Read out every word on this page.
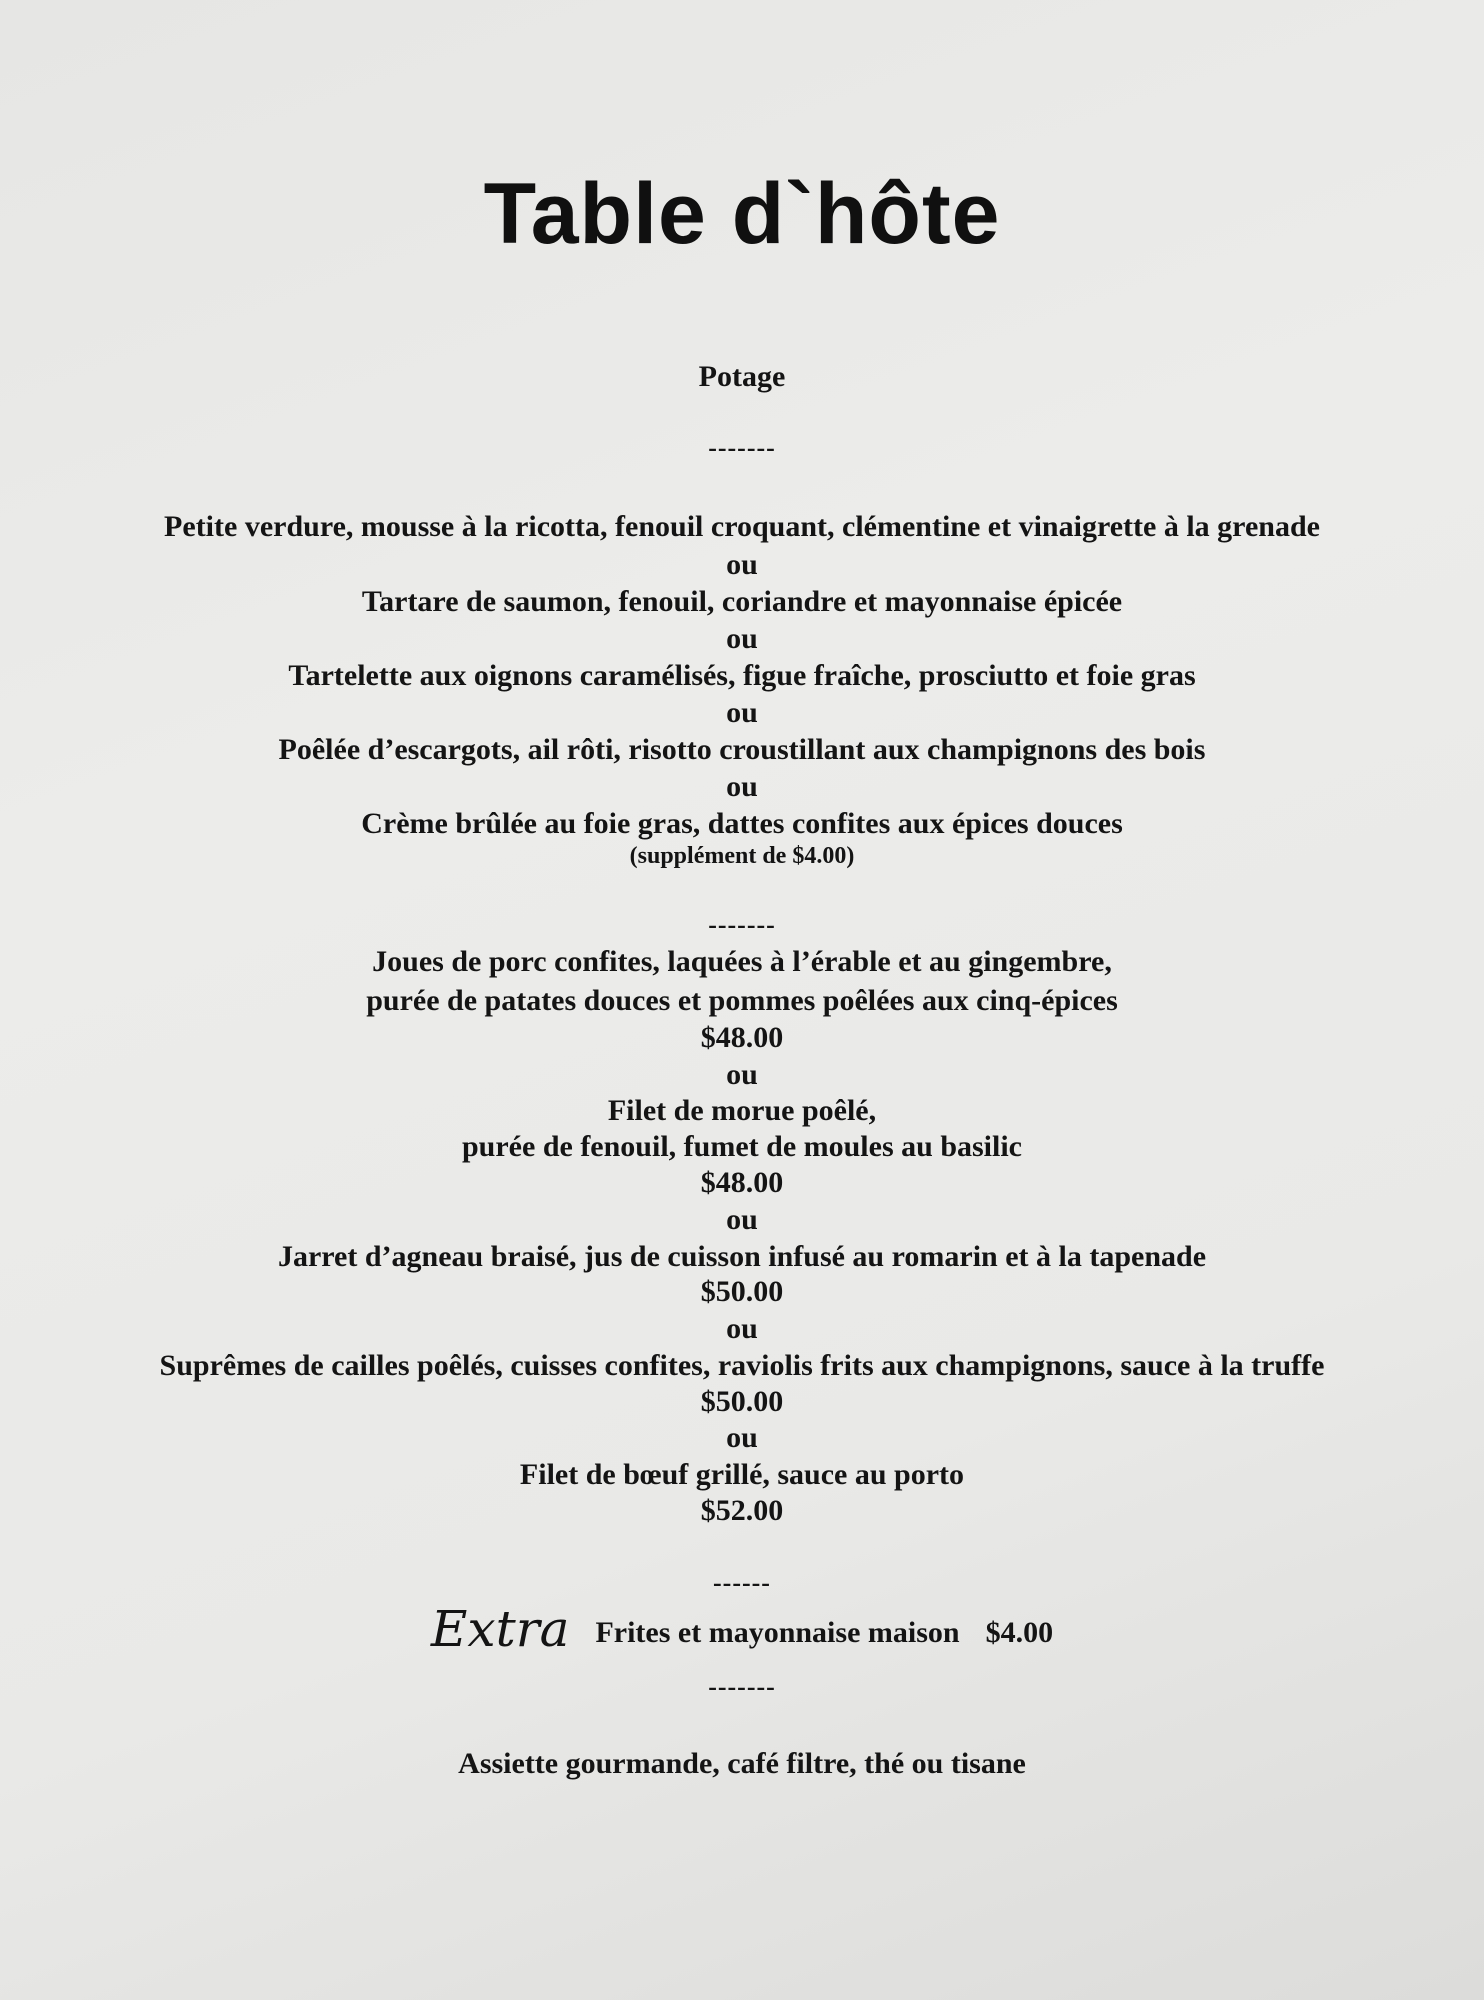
Table d`hôte
Potage
-------
Petite verdure, mousse à la ricotta, fenouil croquant, clémentine et vinaigrette à la grenade
ou
Tartare de saumon, fenouil, coriandre et mayonnaise épicée
ou
Tartelette aux oignons caramélisés, figue fraîche, prosciutto et foie gras
ou
Poêlée d’escargots, ail rôti, risotto croustillant aux champignons des bois
ou
Crème brûlée au foie gras, dattes confites aux épices douces
(supplément de $4.00)
-------
Joues de porc confites, laquées à l’érable et au gingembre,
purée de patates douces et pommes poêlées aux cinq-épices
$48.00
ou
Filet de morue poêlé,
purée de fenouil, fumet de moules au basilic
$48.00
ou
Jarret d’agneau braisé, jus de cuisson infusé au romarin et à la tapenade
$50.00
ou
Suprêmes de cailles poêlés, cuisses confites, raviolis frits aux champignons, sauce à la truffe
$50.00
ou
Filet de bœuf grillé, sauce au porto
$52.00
------
Extra Frites et mayonnaise maison $4.00
-------
Assiette gourmande, café filtre, thé ou tisane
